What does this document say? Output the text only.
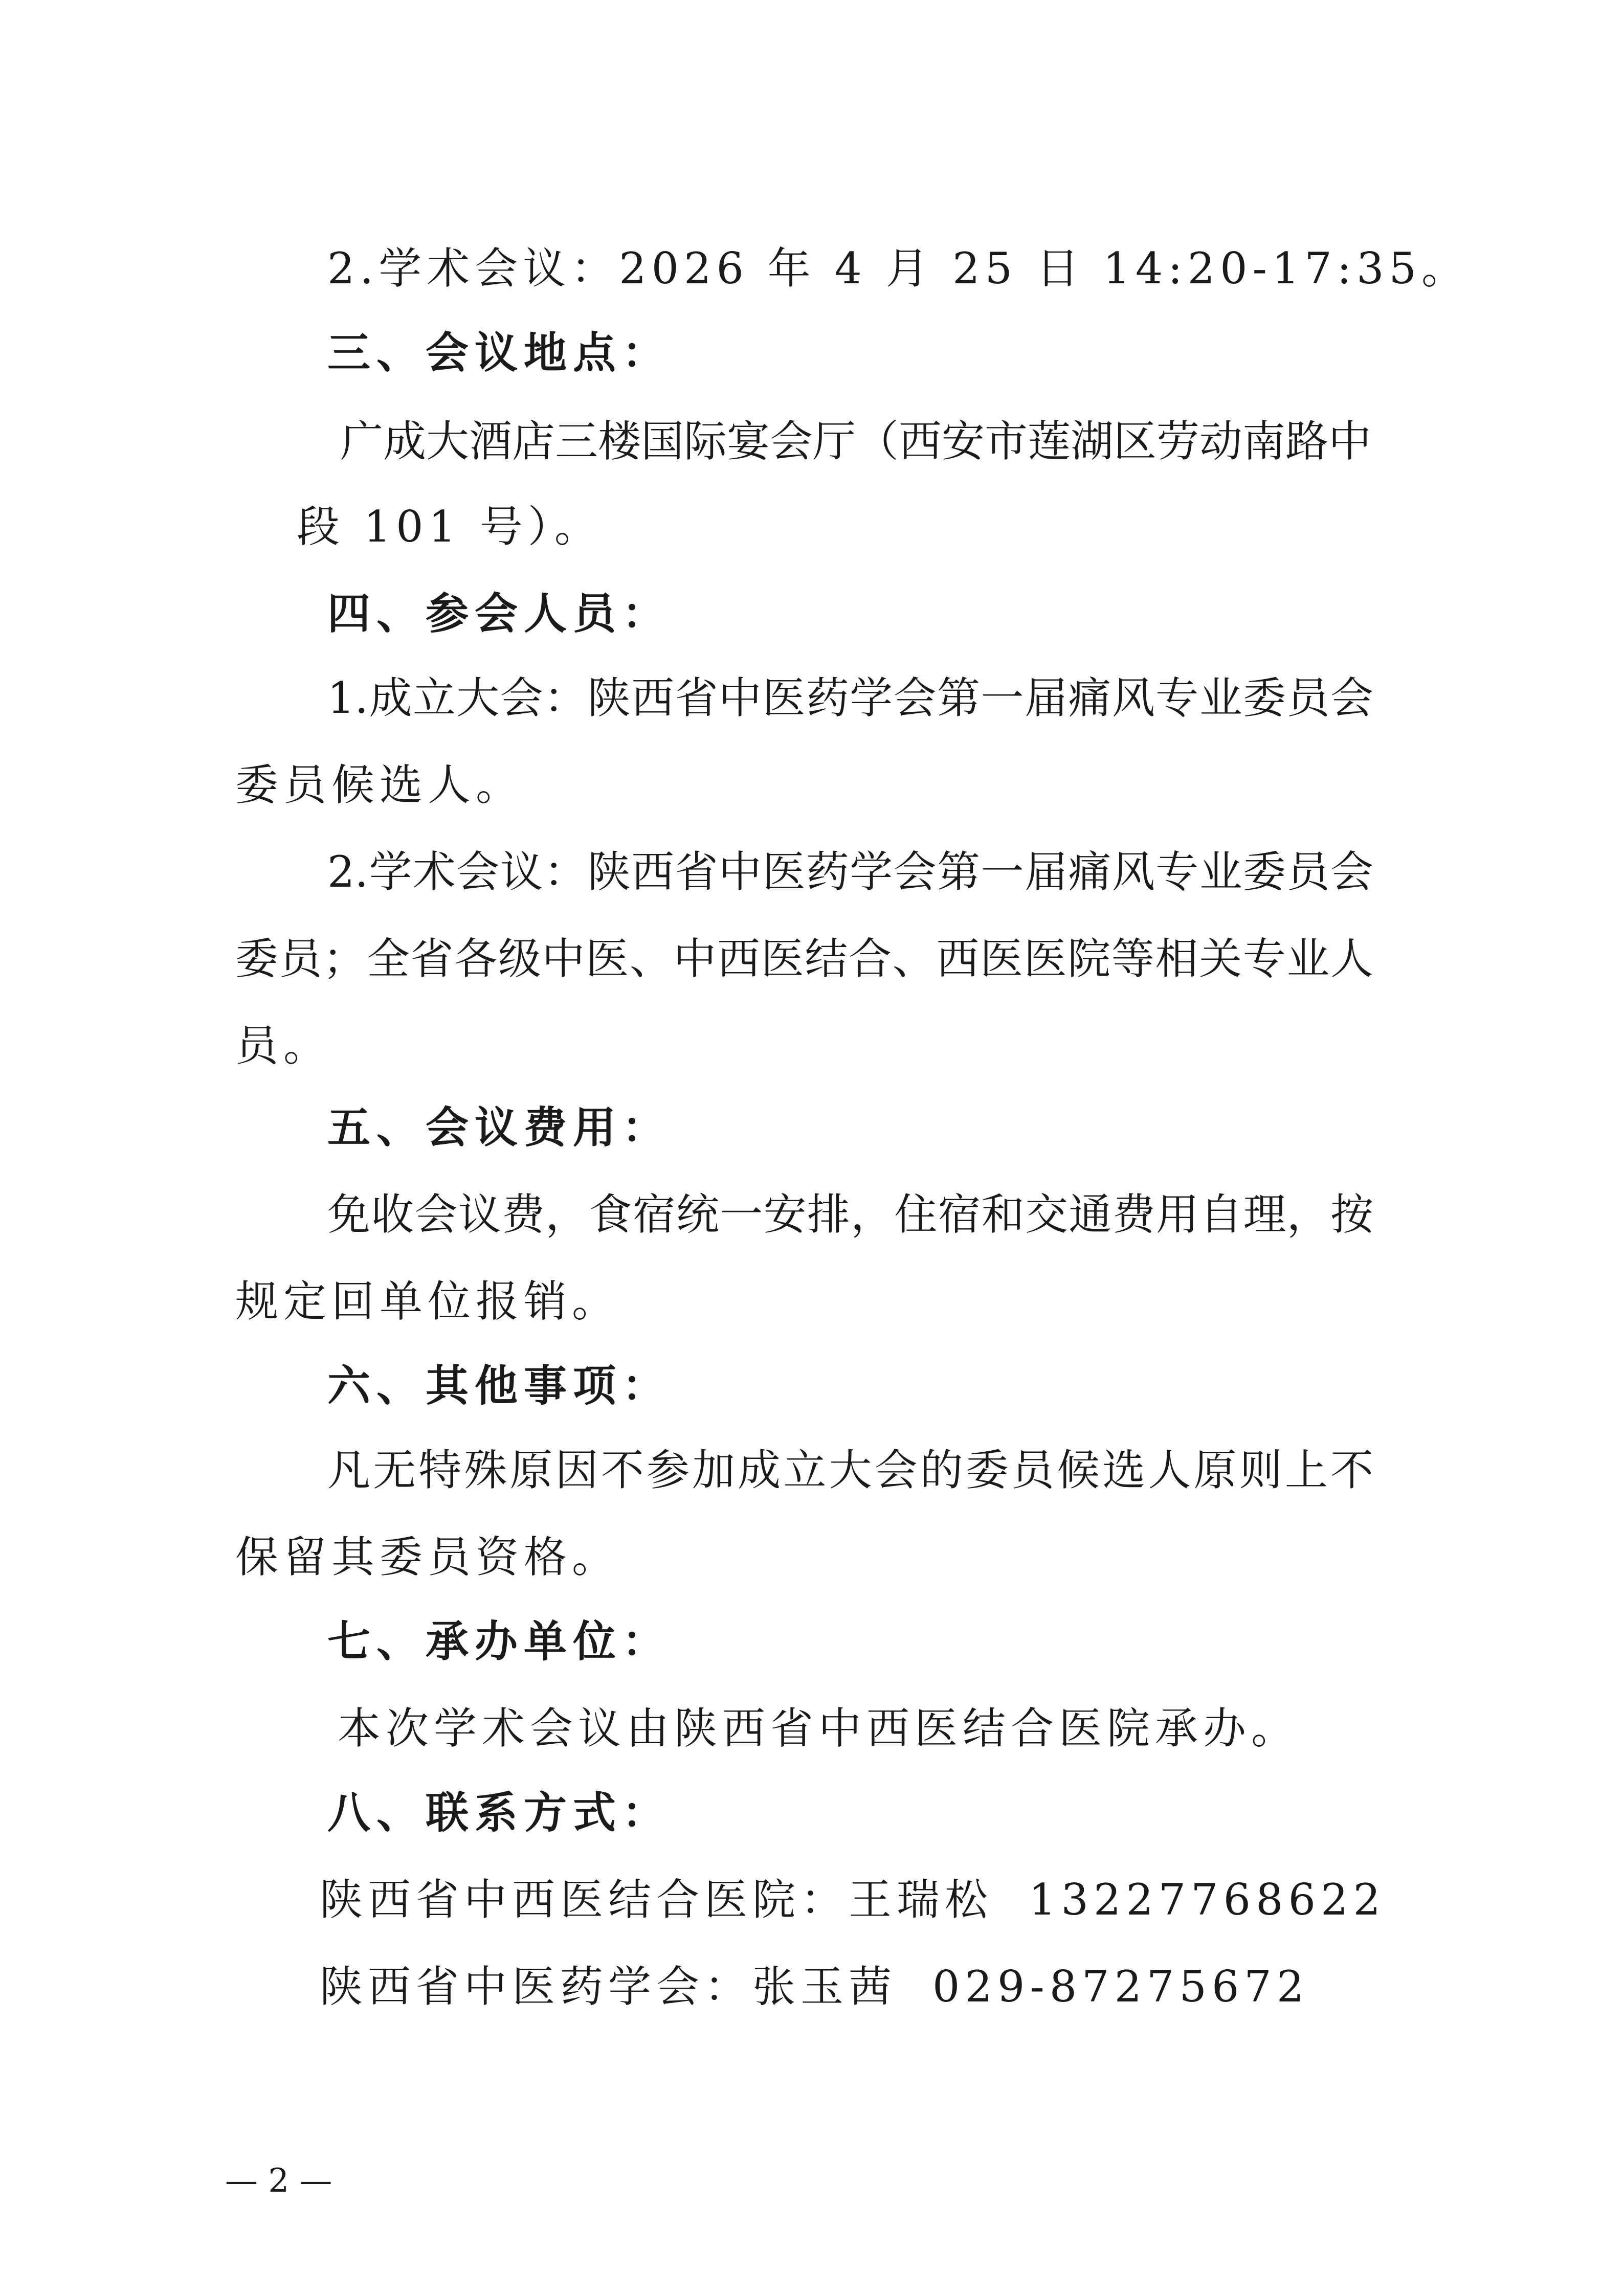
2.学术会议：2026 年 4 月 25 日 14:20-17:35。
三、会议地点：
广成大酒店三楼国际宴会厅（西安市莲湖区劳动南路中
段 101 号）。
四、参会人员：
1.成立大会：陕西省中医药学会第一届痛风专业委员会
委员候选人。
2.学术会议：陕西省中医药学会第一届痛风专业委员会
委员；全省各级中医、中西医结合、西医医院等相关专业人
员。
五、会议费用：
免收会议费，食宿统一安排，住宿和交通费用自理，按
规定回单位报销。
六、其他事项：
凡无特殊原因不参加成立大会的委员候选人原则上不
保留其委员资格。
七、承办单位：
本次学术会议由陕西省中西医结合医院承办。
八、联系方式：
陕西省中西医结合医院：王瑞松 13227768622
陕西省中医药学会：张玉茜 029-87275672
— 2 —
